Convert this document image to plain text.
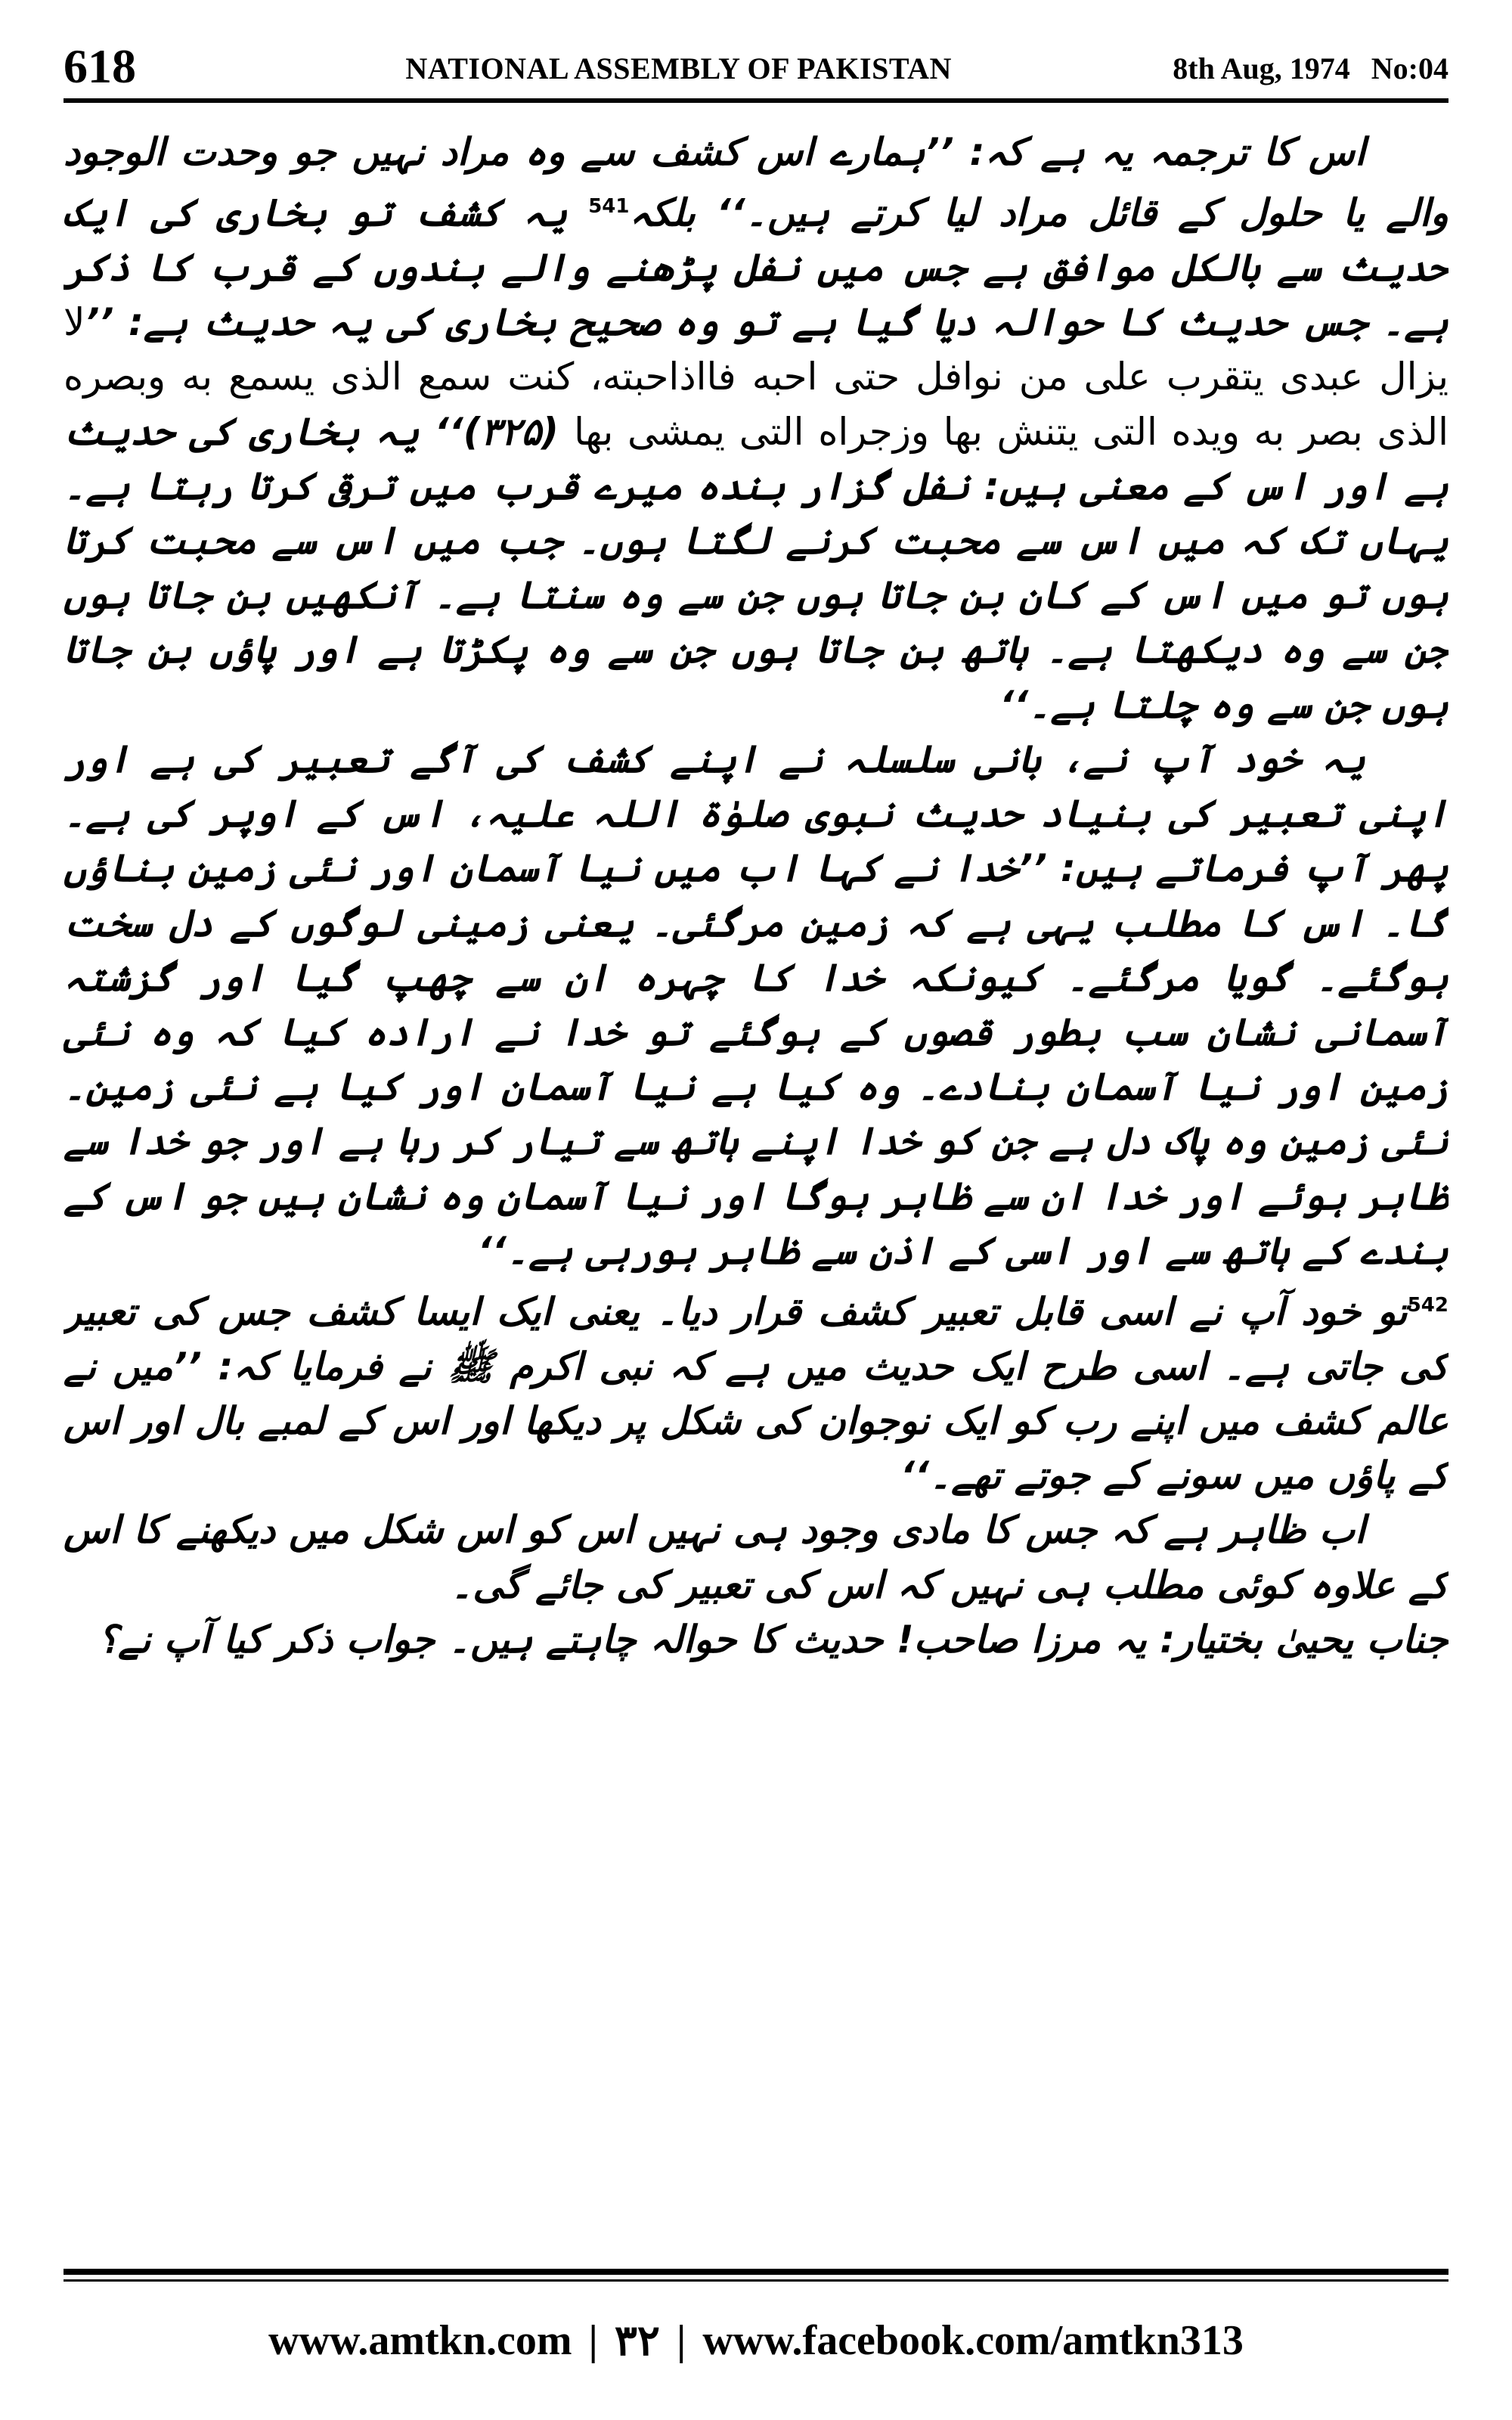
618	NATIONAL ASSEMBLY OF PAKISTAN	8th Aug, 1974 No:04

اس کا ترجمہ یہ ہے کہ: ’’ہمارے اس کشف سے وہ مراد نہیں جو وحدت الوجود والے یا حلول کے قائل مراد لیا کرتے ہیں۔‘‘ بلکہ$^{541}$ یہ کشف تو بخاری کی ایک حدیث سے بالکل موافق ہے جس میں نفل پڑھنے والے بندوں کے قرب کا ذکر ہے۔ جس حدیث کا حوالہ دیا گیا ہے تو وہ صحیح بخاری کی یہ حدیث ہے: ’’لا یزال عبدی یتقرب علی من نوافل حتی احبه فااذاحبته، کنت سمع الذی یسمع به وبصره الذی بصر به ویده التی یتنش بها وزجراه التی یمشی بها (۳۲۵)‘‘ یہ بخاری کی حدیث ہے اور اس کے معنی ہیں: نفل گزار بندہ میرے قرب میں ترقی کرتا رہتا ہے۔ یہاں تک کہ میں اس سے محبت کرنے لگتا ہوں۔ جب میں اس سے محبت کرتا ہوں تو میں اس کے کان بن جاتا ہوں جن سے وہ سنتا ہے۔ آنکھیں بن جاتا ہوں جن سے وہ دیکھتا ہے۔ ہاتھ بن جاتا ہوں جن سے وہ پکڑتا ہے اور پاؤں بن جاتا ہوں جن سے وہ چلتا ہے۔‘‘

یہ خود آپ نے، بانی سلسلہ نے اپنے کشف کی آگے تعبیر کی ہے اور اپنی تعبیر کی بنیاد حدیث نبوی صلوٰۃ اللہ علیہ، اس کے اوپر کی ہے۔ پھر آپ فرماتے ہیں: ’’خدا نے کہا اب میں نیا آسمان اور نئی زمین بناؤں گا۔ اس کا مطلب یہی ہے کہ زمین مرگئی۔ یعنی زمینی لوگوں کے دل سخت ہوگئے۔ گویا مرگئے۔ کیونکہ خدا کا چہرہ ان سے چھپ گیا اور گزشتہ آسمانی نشان سب بطور قصوں کے ہوگئے تو خدا نے ارادہ کیا کہ وہ نئی زمین اور نیا آسمان بنادے۔ وہ کیا ہے نیا آسمان اور کیا ہے نئی زمین۔ نئی زمین وہ پاک دل ہے جن کو خدا اپنے ہاتھ سے تیار کر رہا ہے اور جو خدا سے ظاہر ہوئے اور خدا ان سے ظاہر ہوگا اور نیا آسمان وہ نشان ہیں جو اس کے بندے کے ہاتھ سے اور اسی کے اذن سے ظاہر ہورہی ہے۔‘‘

$^{542}$تو خود آپ نے اسی قابل تعبیر کشف قرار دیا۔ یعنی ایک ایسا کشف جس کی تعبیر کی جاتی ہے۔ اسی طرح ایک حدیث میں ہے کہ نبی اکرم ﷺ نے فرمایا کہ: ’’میں نے عالم کشف میں اپنے رب کو ایک نوجوان کی شکل پر دیکھا اور اس کے لمبے بال اور اس کے پاؤں میں سونے کے جوتے تھے۔‘‘

اب ظاہر ہے کہ جس کا مادی وجود ہی نہیں اس کو اس شکل میں دیکھنے کا اس کے علاوہ کوئی مطلب ہی نہیں کہ اس کی تعبیر کی جائے گی۔

جناب یحییٰ بختیار: یہ مرزا صاحب! حدیث کا حوالہ چاہتے ہیں۔ جواب ذکر کیا آپ نے؟

www.amtkn.com | ۳۲ | www.facebook.com/amtkn313
